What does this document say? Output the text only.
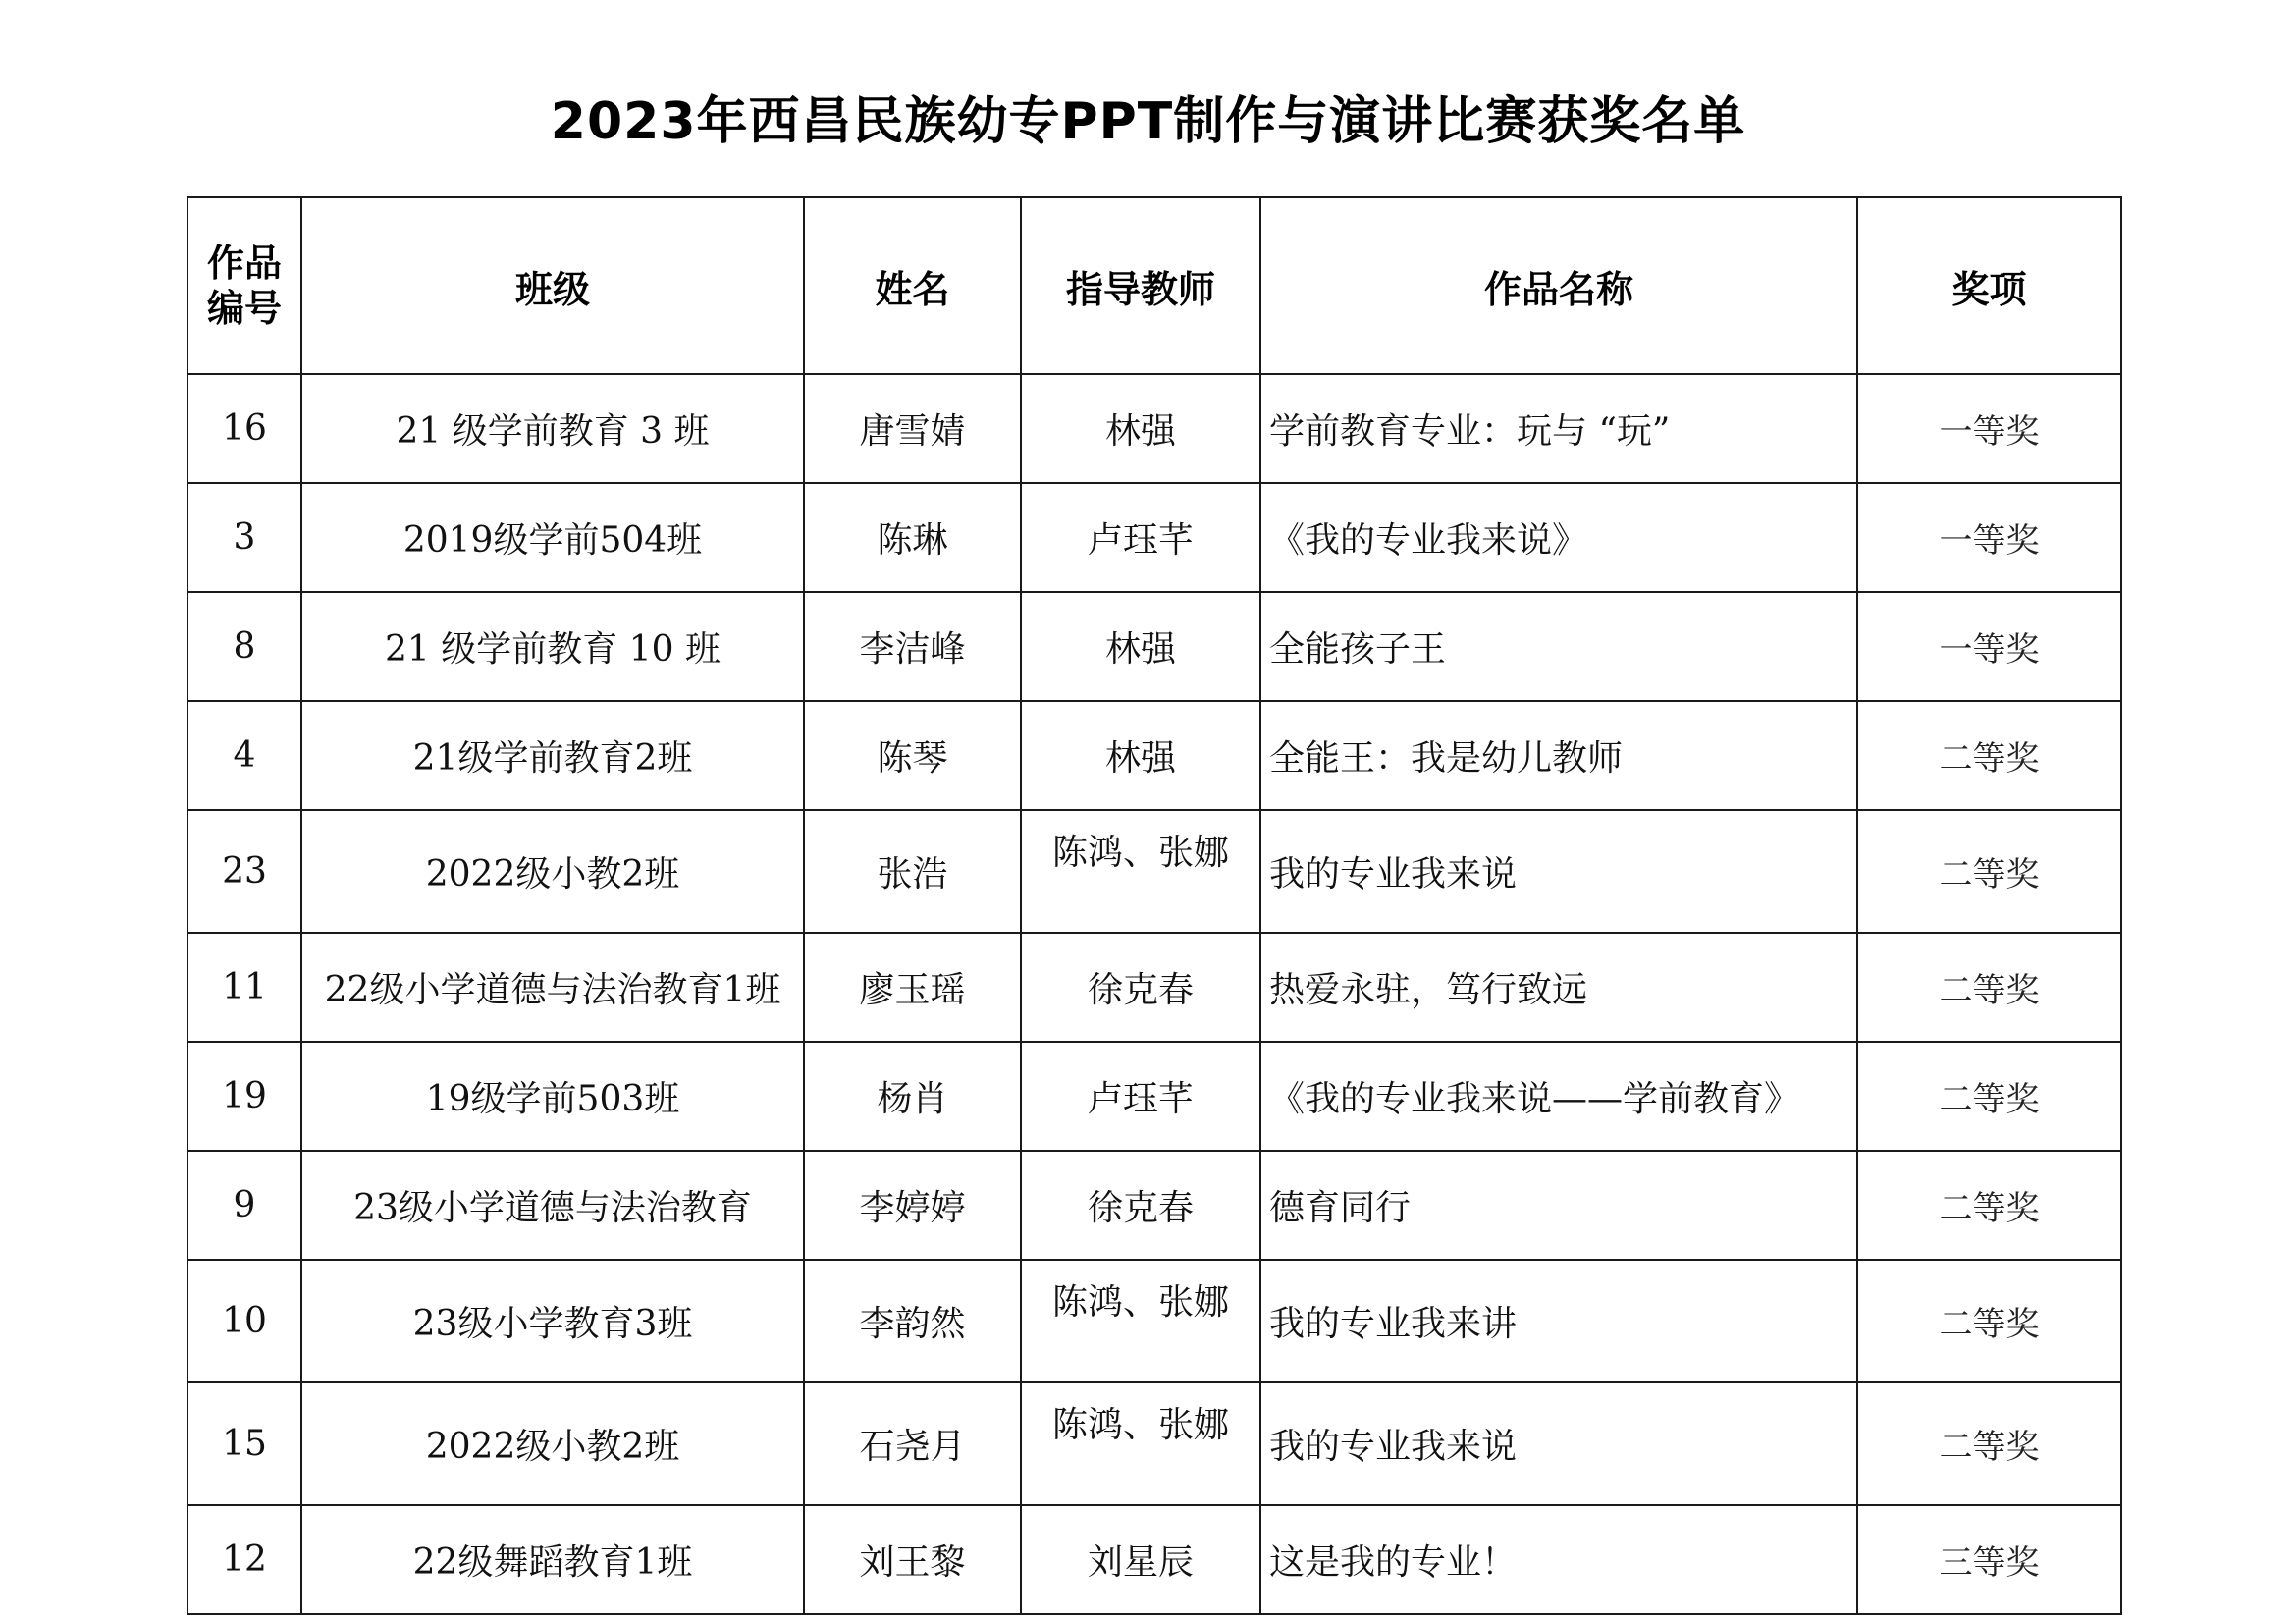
2023年西昌民族幼专PPT制作与演讲比赛获奖名单
作品
编号	班级	姓名	指导教师	作品名称	奖项
16	21 级学前教育 3 班	唐雪婧	林强	学前教育专业：玩与 “玩”	一等奖
3	2019级学前504班	陈琳	卢珏芊	《我的专业我来说》	一等奖
8	21 级学前教育 10 班	李洁峰	林强	全能孩子王	一等奖
4	21级学前教育2班	陈琴	林强	全能王：我是幼儿教师	二等奖
23	2022级小教2班	张浩	陈鸿、张娜	我的专业我来说	二等奖
11	22级小学道德与法治教育1班	廖玉瑶	徐克春	热爱永驻，笃行致远	二等奖
19	19级学前503班	杨肖	卢珏芊	《我的专业我来说——学前教育》	二等奖
9	23级小学道德与法治教育	李婷婷	徐克春	德育同行	二等奖
10	23级小学教育3班	李韵然	陈鸿、张娜	我的专业我来讲	二等奖
15	2022级小教2班	石尧月	陈鸿、张娜	我的专业我来说	二等奖
12	22级舞蹈教育1班	刘王黎	刘星辰	这是我的专业！	三等奖
